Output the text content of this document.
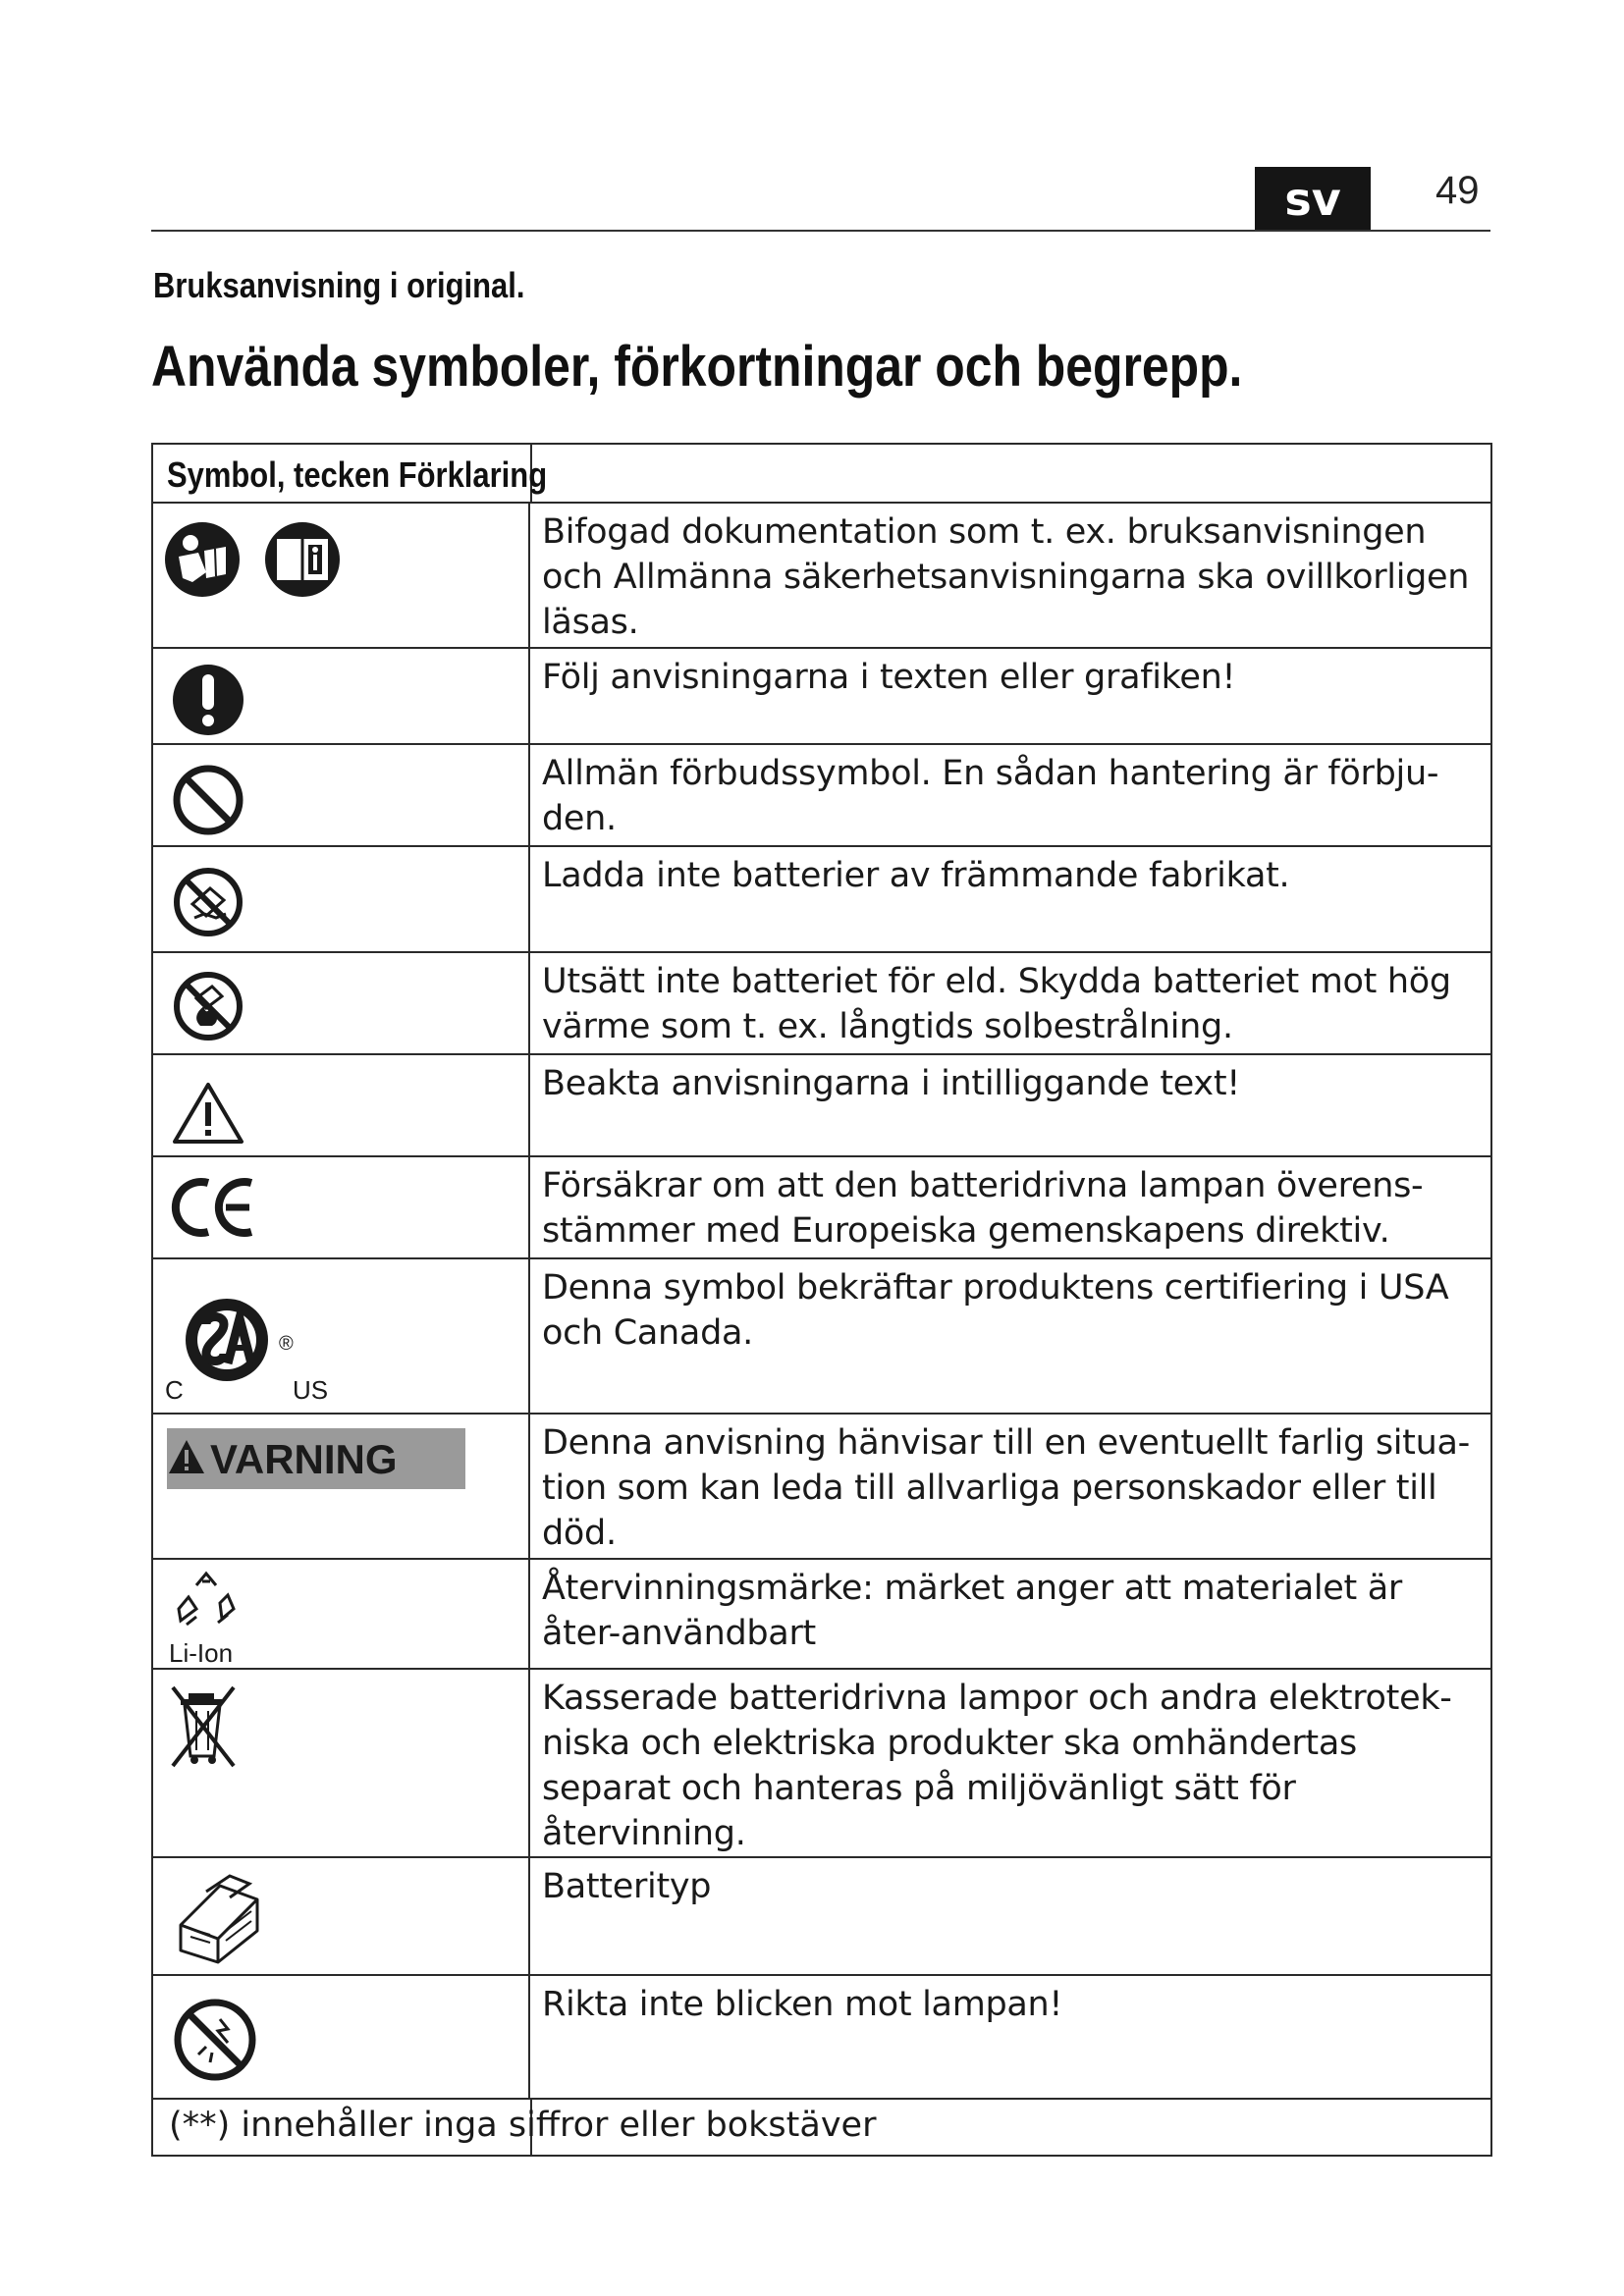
sv	49
Bruksanvisning i original.
Använda symboler, förkortningar och begrepp.
Symbol, tecken Förklaring	

Bifogad dokumentation som t. ex. bruksanvisningen och Allmänna säkerhetsanvisningarna ska ovillkorligen läsas.

Följ anvisningarna i texten eller grafiken!

Allmän förbudssymbol. En sådan hantering är förbju-den.

Ladda inte batterier av främmande fabrikat.

Utsätt inte batteriet för eld. Skydda batteriet mot hög värme som t. ex. långtids solbestrålning.

Beakta anvisningarna i intilliggande text!

Försäkrar om att den batteridrivna lampan överens-stämmer med Europeiska gemenskapens direktiv.

C US
®	Denna symbol bekräftar produktens certifiering i USA och Canada.

VARNING	Denna anvisning hänvisar till en eventuellt farlig situa-tion som kan leda till allvarliga personskador eller till död.

Li-Ion	Återvinningsmärke: märket anger att materialet är åter-användbart

Kasserade batteridrivna lampor och andra elektrotek-niska och elektriska produkter ska omhändertas separat och hanteras på miljövänligt sätt för återvinning.

Batterityp

Rikta inte blicken mot lampan!

(**) innehåller inga siffror eller bokstäver	
